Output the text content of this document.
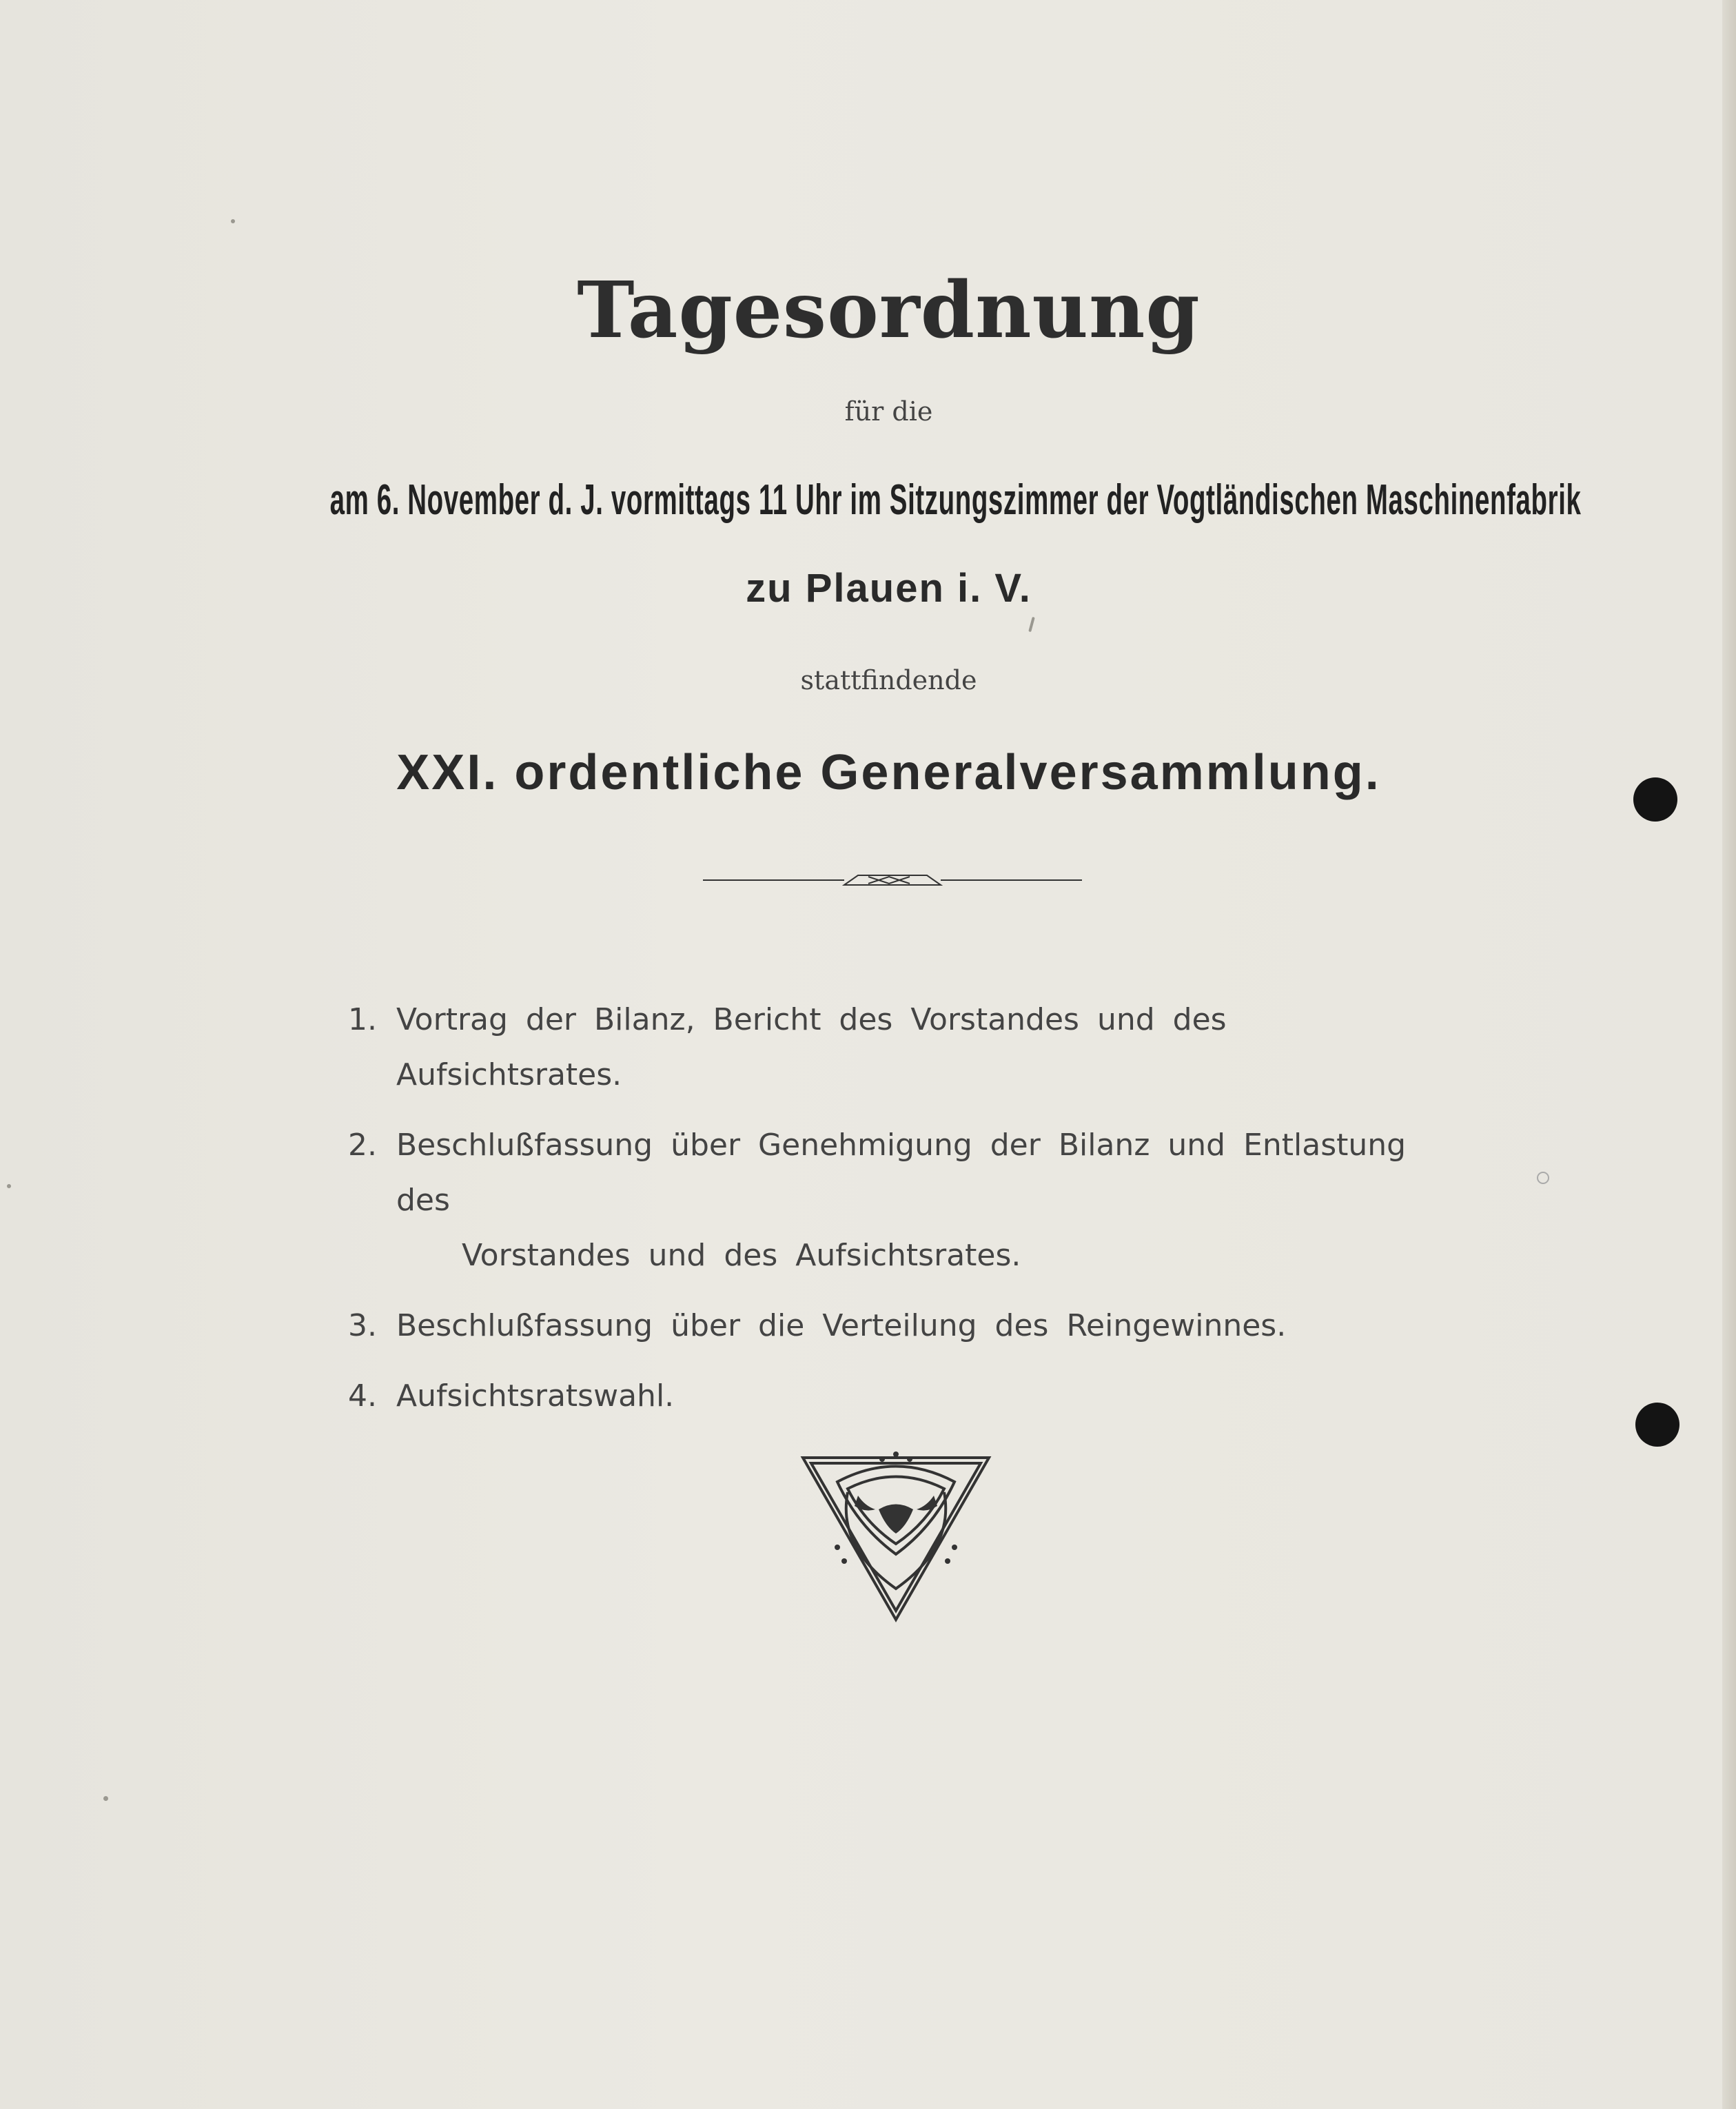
Tagesordnung
für die
am 6. November d. J. vormittags 11 Uhr im Sitzungszimmer der Vogtländischen Maschinenfabrik
zu Plauen i. V.
stattfindende
XXI. ordentliche Generalversammlung.
1. Vortrag der Bilanz, Bericht des Vorstandes und des Aufsichtsrates.
2. Beschlußfassung über Genehmigung der Bilanz und Entlastung des
Vorstandes und des Aufsichtsrates.
3. Beschlußfassung über die Verteilung des Reingewinnes.
4. Aufsichtsratswahl.
